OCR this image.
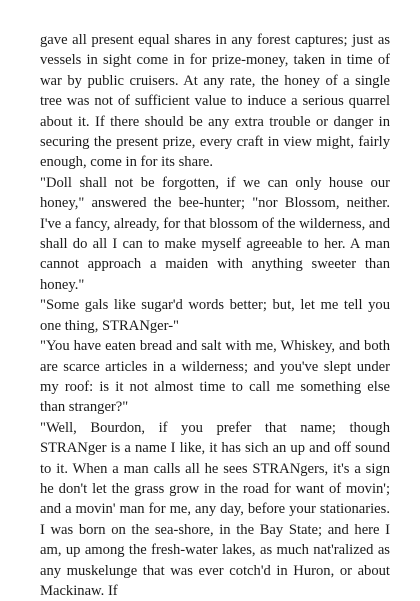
gave all present equal shares in any forest captures; just as vessels in sight come in for prize-money, taken in time of war by public cruisers. At any rate, the honey of a single tree was not of sufficient value to induce a serious quarrel about it. If there should be any extra trouble or danger in securing the present prize, every craft in view might, fairly enough, come in for its share.

"Doll shall not be forgotten, if we can only house our honey," answered the bee-hunter; "nor Blossom, neither. I've a fancy, already, for that blossom of the wilderness, and shall do all I can to make myself agreeable to her. A man cannot approach a maiden with anything sweeter than honey."

"Some gals like sugar'd words better; but, let me tell you one thing, STRANger-"

"You have eaten bread and salt with me, Whiskey, and both are scarce articles in a wilderness; and you've slept under my roof: is it not almost time to call me something else than stranger?"

"Well, Bourdon, if you prefer that name; though STRANger is a name I like, it has sich an up and off sound to it. When a man calls all he sees STRANgers, it's a sign he don't let the grass grow in the road for want of movin'; and a movin' man for me, any day, before your stationaries. I was born on the sea-shore, in the Bay State; and here I am, up among the fresh-water lakes, as much nat'ralized as any muskelunge that was ever cotch'd in Huron, or about Mackinaw. If
